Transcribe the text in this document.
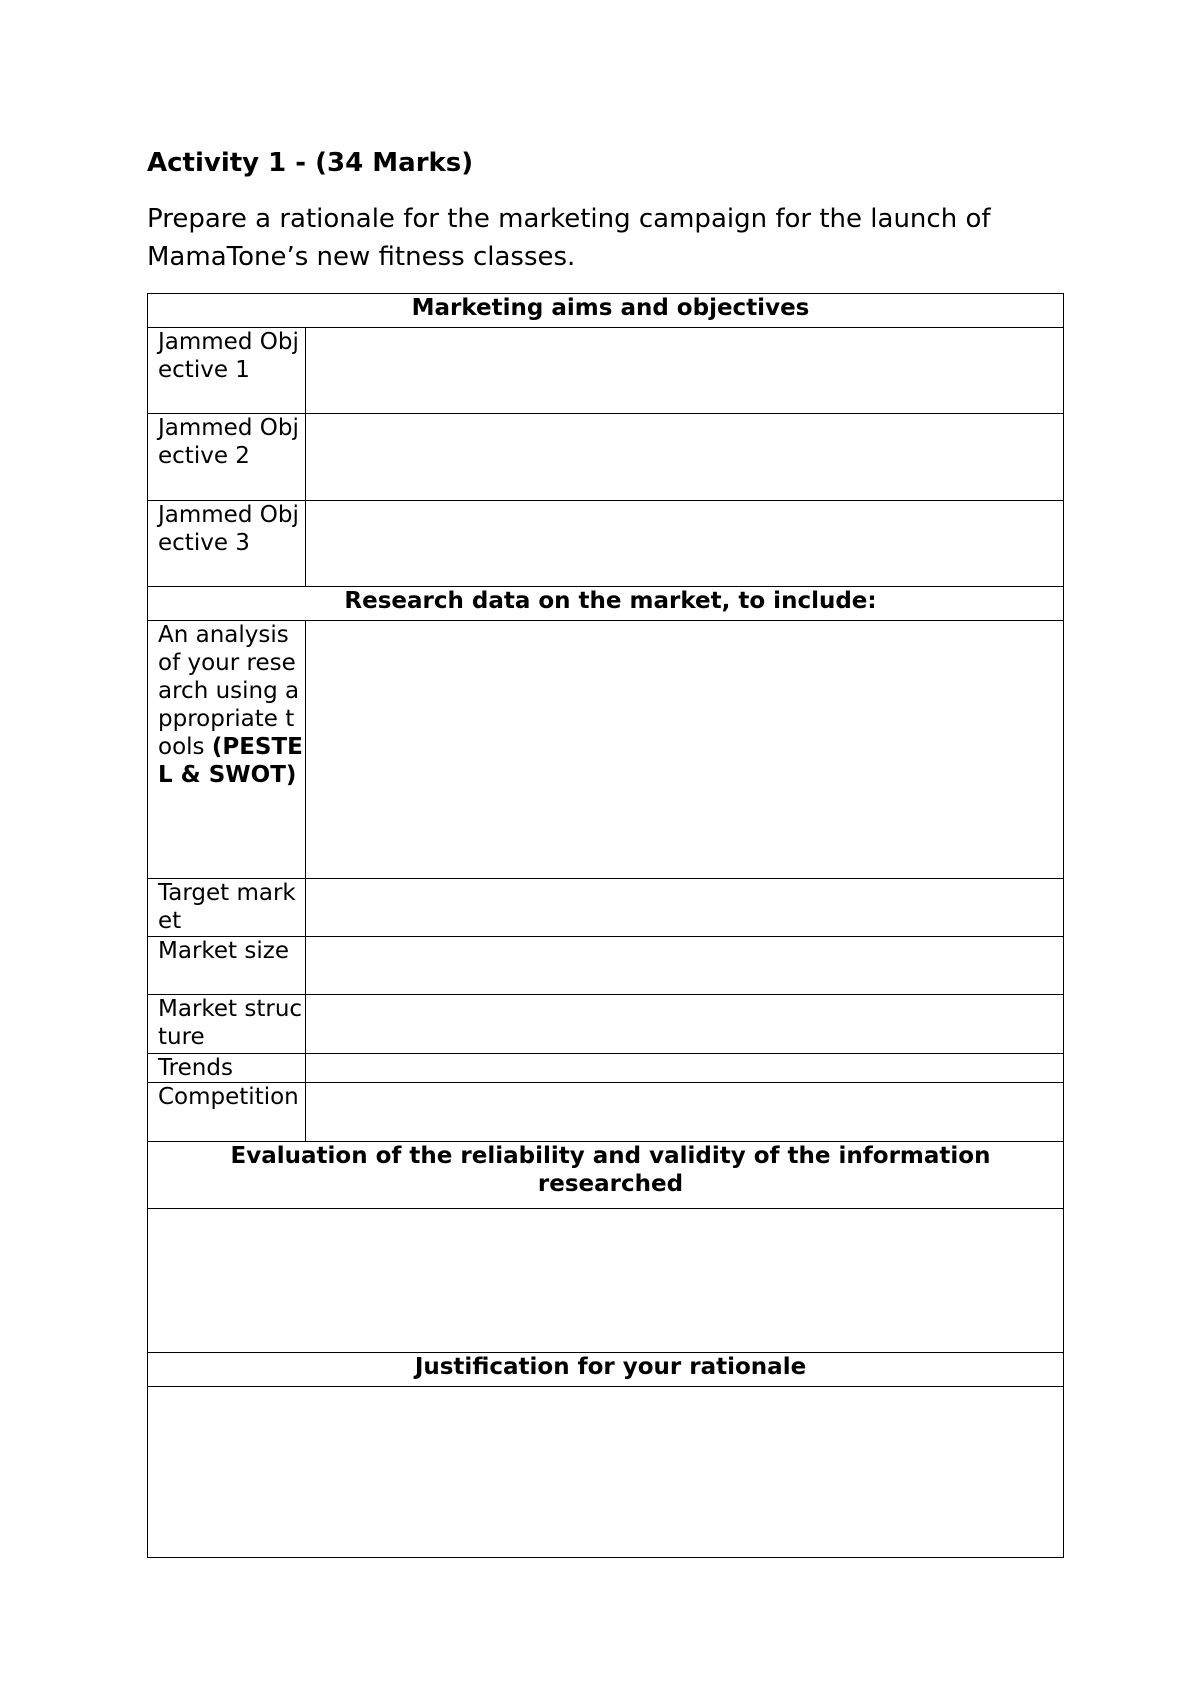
Activity 1 - (34 Marks)

Prepare a rationale for the marketing campaign for the launch of MamaTone’s new fitness classes.

Marketing aims and objectives	
Jammed Objective 1	
Jammed Objective 2	
Jammed Objective 3	
Research data on the market, to include:	
An analysis of your research using appropriate tools (PESTEL & SWOT)	
Target market	
Market size	
Market structure	
Trends	
Competition	
Evaluation of the reliability and validity of the information researched	

Justification for your rationale	
